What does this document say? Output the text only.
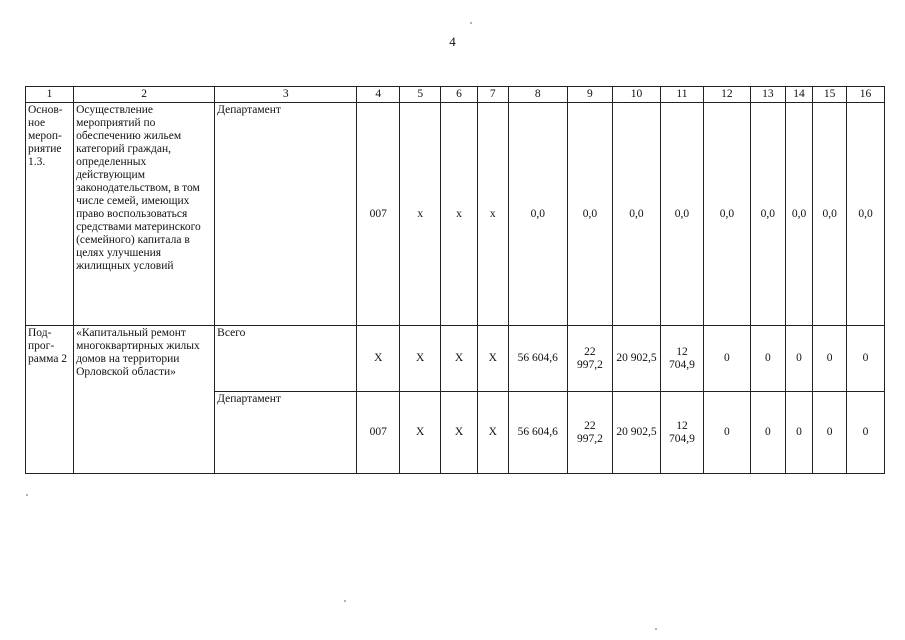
4
1	2	3	4	5	6	7	8	9	10	11	12	13	14	15	16
Основ-ное мероп-риятие 1.3.	Осуществление мероприятий по обеспечению жильем категорий граждан, определенных действующим законодательством, в том числе семей, имеющих право воспользоваться средствами материнского (семейного) капитала в целях улучшения жилищных условий	Департамент	007	х	х	х	0,0	0,0	0,0	0,0	0,0	0,0	0,0	0,0	0,0
Под-прог-рамма 2	«Капитальный ремонт многоквартирных жилых домов на территории Орловской области»	Всего	X	X	X	X	56 604,6	22 997,2	20 902,5	12 704,9	0	0	0	0	0
		Департамент	007	X	X	X	56 604,6	22 997,2	20 902,5	12 704,9	0	0	0	0	0
